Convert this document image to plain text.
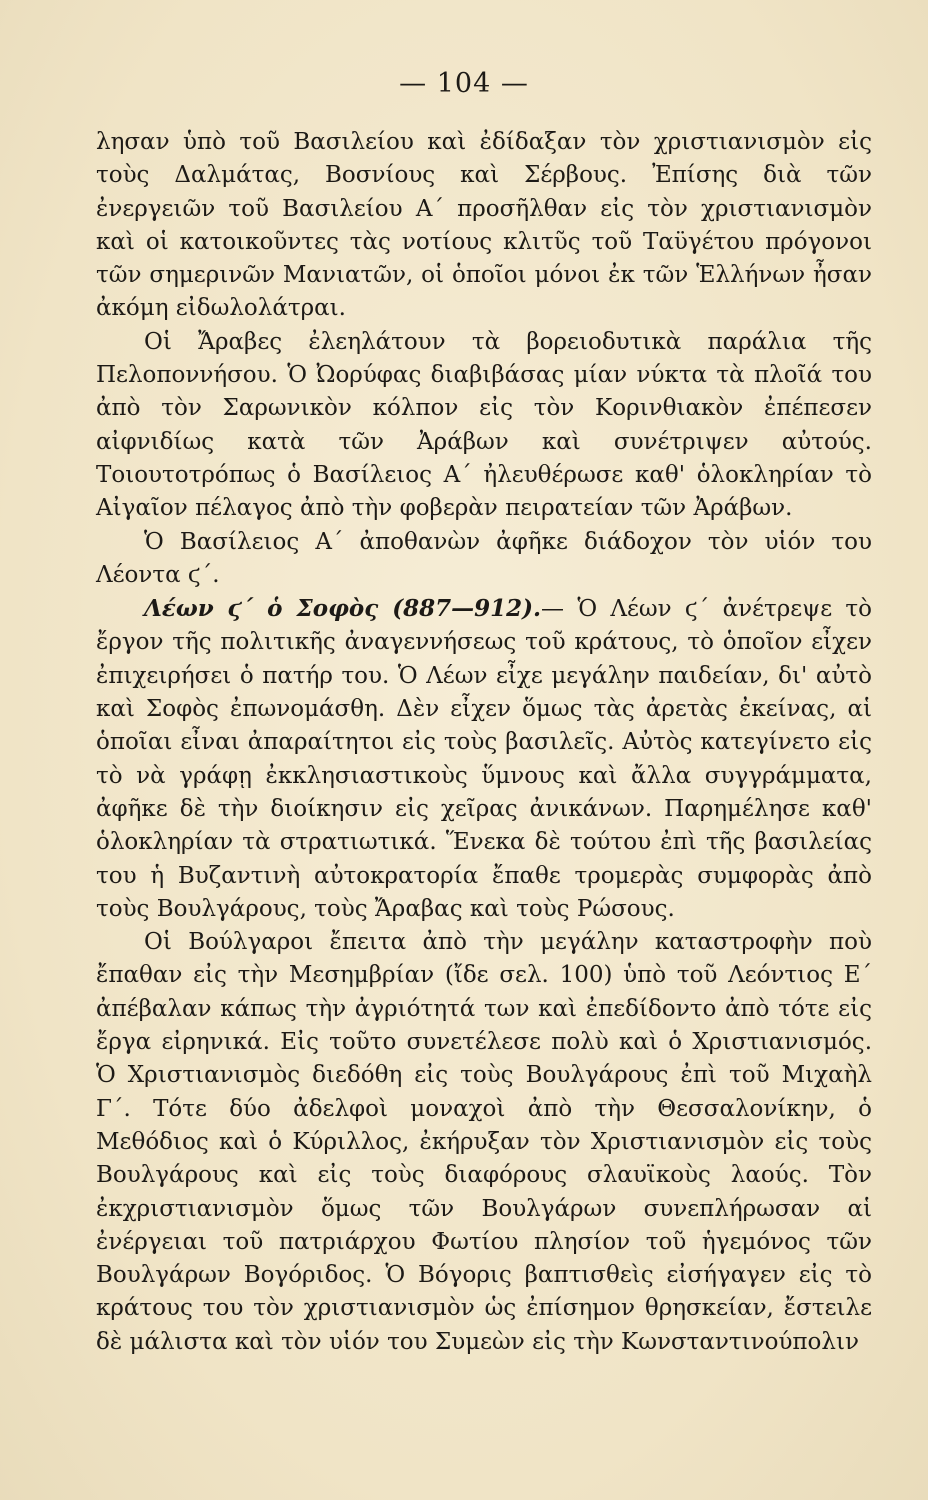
— 104 —

λησαν ὑπὸ τοῦ Βασιλείου καὶ ἐδίδαξαν τὸν χριστιανισμὸν εἰς τοὺς Δαλμάτας, Βοσνίους καὶ Σέρβους. Ἐπίσης διὰ τῶν ἐνεργειῶν τοῦ Βασιλείου Α΄ προσῆλθαν εἰς τὸν χριστιανισμὸν καὶ οἱ κατοικοῦντες τὰς νοτίους κλιτῦς τοῦ Ταϋγέτου πρόγονοι τῶν σημερινῶν Μανιατῶν, οἱ ὁποῖοι μόνοι ἐκ τῶν Ἑλλήνων ἦσαν ἀκόμη εἰδωλολάτραι.

Οἱ Ἄραβες ἐλεηλάτουν τὰ βορειοδυτικὰ παράλια τῆς Πελοποννήσου. Ὁ Ὠορύφας διαβιβάσας μίαν νύκτα τὰ πλοῖά του ἀπὸ τὸν Σαρωνικὸν κόλπον εἰς τὸν Κορινθιακὸν ἐπέπεσεν αἰφνιδίως κατὰ τῶν Ἀράβων καὶ συνέτριψεν αὐτούς. Τοιουτοτρόπως ὁ Βασίλειος Α΄ ἠλευθέρωσε καθ' ὁλοκληρίαν τὸ Αἰγαῖον πέλαγος ἀπὸ τὴν φοβερὰν πειρατείαν τῶν Ἀράβων.

Ὁ Βασίλειος Α΄ ἀποθανὼν ἀφῆκε διάδοχον τὸν υἱόν του Λέοντα ϛ΄.

Λέων ϛ΄ ὁ Σοφὸς (887—912).— Ὁ Λέων ϛ΄ ἀνέτρεψε τὸ ἔργον τῆς πολιτικῆς ἀναγεννήσεως τοῦ κράτους, τὸ ὁποῖον εἶχεν ἐπιχειρήσει ὁ πατήρ του. Ὁ Λέων εἶχε μεγάλην παιδείαν, δι' αὐτὸ καὶ Σοφὸς ἐπωνομάσθη. Δὲν εἶχεν ὅμως τὰς ἀρετὰς ἐκείνας, αἱ ὁποῖαι εἶναι ἀπαραίτητοι εἰς τοὺς βασιλεῖς. Αὐτὸς κατεγίνετο εἰς τὸ νὰ γράφῃ ἐκκλησιαστικοὺς ὕμνους καὶ ἄλλα συγγράμματα, ἀφῆκε δὲ τὴν διοίκησιν εἰς χεῖρας ἀνικάνων. Παρημέλησε καθ' ὁλοκληρίαν τὰ στρατιωτικά. Ἕνεκα δὲ τούτου ἐπὶ τῆς βασιλείας του ἡ Βυζαντινὴ αὐτοκρατορία ἔπαθε τρομερὰς συμφορὰς ἀπὸ τοὺς Βουλγάρους, τοὺς Ἄραβας καὶ τοὺς Ρώσους.

Οἱ Βούλγαροι ἔπειτα ἀπὸ τὴν μεγάλην καταστροφὴν ποὺ ἔπαθαν εἰς τὴν Μεσημβρίαν (ἴδε σελ. 100) ὑπὸ τοῦ Λεόντιος Ε΄ ἀπέβαλαν κάπως τὴν ἀγριότητά των καὶ ἐπεδίδοντο ἀπὸ τότε εἰς ἔργα εἰρηνικά. Εἰς τοῦτο συνετέλεσε πολὺ καὶ ὁ Χριστιανισμός. Ὁ Χριστιανισμὸς διεδόθη εἰς τοὺς Βουλγάρους ἐπὶ τοῦ Μιχαὴλ Γ΄. Τότε δύο ἀδελφοὶ μοναχοὶ ἀπὸ τὴν Θεσσαλονίκην, ὁ Μεθόδιος καὶ ὁ Κύριλλος, ἐκήρυξαν τὸν Χριστιανισμὸν εἰς τοὺς Βουλγάρους καὶ εἰς τοὺς διαφόρους σλαυϊκοὺς λαούς. Τὸν ἐκχριστιανισμὸν ὅμως τῶν Βουλγάρων συνεπλήρωσαν αἱ ἐνέργειαι τοῦ πατριάρχου Φωτίου πλησίον τοῦ ἡγεμόνος τῶν Βουλγάρων Βογόριδος. Ὁ Βόγορις βαπτισθεὶς εἰσήγαγεν εἰς τὸ κράτους του τὸν χριστιανισμὸν ὡς ἐπίσημον θρησκείαν, ἔστειλε δὲ μάλιστα καὶ τὸν υἱόν του Συμεὼν εἰς τὴν Κωνσταντινούπολιν
